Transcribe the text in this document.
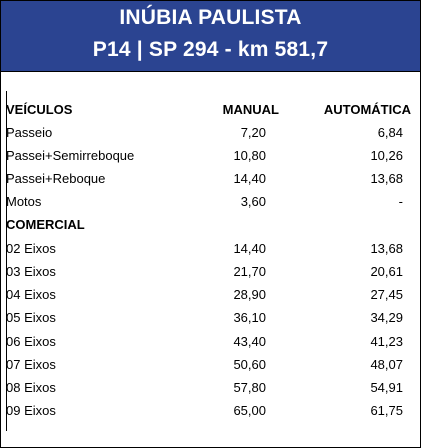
INÚBIA PAULISTA
P14 | SP 294 - km 581,7
VEÍCULOS	MANUAL	AUTOMÁTICA
Passeio	7,20	6,84
Passei+Semirreboque	10,80	10,26
Passei+Reboque	14,40	13,68
Motos	3,60	-
COMERCIAL
02 Eixos	14,40	13,68
03 Eixos	21,70	20,61
04 Eixos	28,90	27,45
05 Eixos	36,10	34,29
06 Eixos	43,40	41,23
07 Eixos	50,60	48,07
08 Eixos	57,80	54,91
09 Eixos	65,00	61,75
